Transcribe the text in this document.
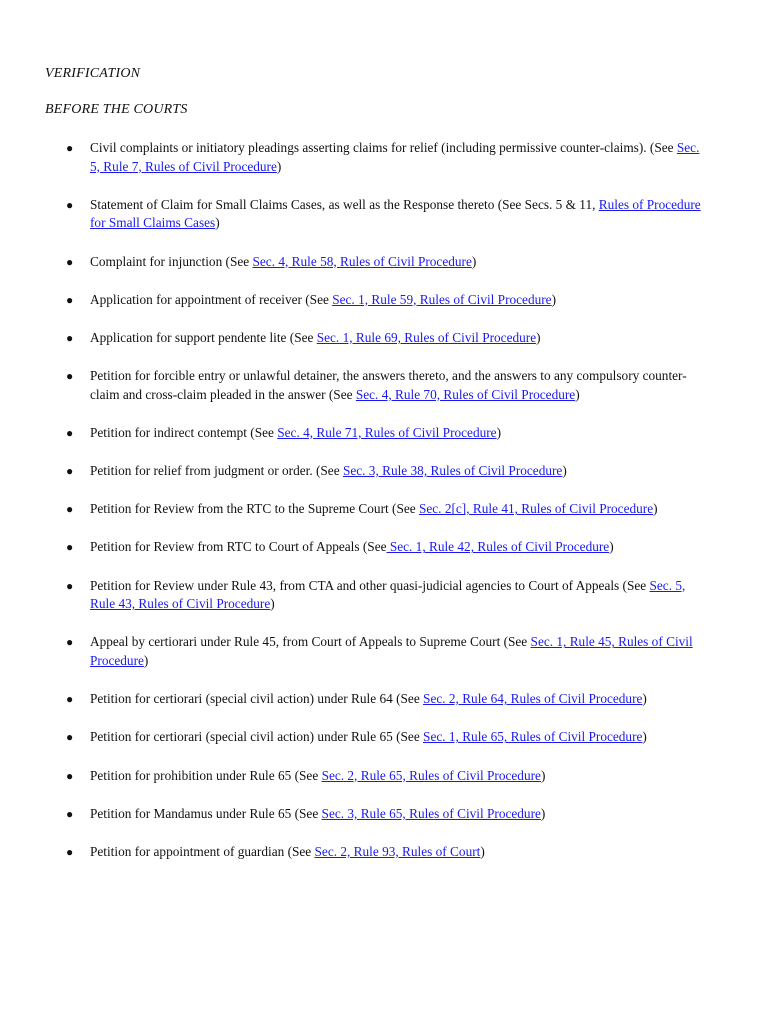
VERIFICATION
BEFORE THE COURTS
● Civil complaints or initiatory pleadings asserting claims for relief (including permissive counter-claims). (See Sec. 5, Rule 7, Rules of Civil Procedure)
● Statement of Claim for Small Claims Cases, as well as the Response thereto (See Secs. 5 & 11, Rules of Procedure for Small Claims Cases)
● Complaint for injunction (See Sec. 4, Rule 58, Rules of Civil Procedure)
● Application for appointment of receiver (See Sec. 1, Rule 59, Rules of Civil Procedure)
● Application for support pendente lite (See Sec. 1, Rule 69, Rules of Civil Procedure)
● Petition for forcible entry or unlawful detainer, the answers thereto, and the answers to any compulsory counter-claim and cross-claim pleaded in the answer (See Sec. 4, Rule 70, Rules of Civil Procedure)
● Petition for indirect contempt (See Sec. 4, Rule 71, Rules of Civil Procedure)
● Petition for relief from judgment or order. (See Sec. 3, Rule 38, Rules of Civil Procedure)
● Petition for Review from the RTC to the Supreme Court (See Sec. 2[c], Rule 41, Rules of Civil Procedure)
● Petition for Review from RTC to Court of Appeals (See Sec. 1, Rule 42, Rules of Civil Procedure)
● Petition for Review under Rule 43, from CTA and other quasi-judicial agencies to Court of Appeals (See Sec. 5, Rule 43, Rules of Civil Procedure)
● Appeal by certiorari under Rule 45, from Court of Appeals to Supreme Court (See Sec. 1, Rule 45, Rules of Civil Procedure)
● Petition for certiorari (special civil action) under Rule 64 (See Sec. 2, Rule 64, Rules of Civil Procedure)
● Petition for certiorari (special civil action) under Rule 65 (See Sec. 1, Rule 65, Rules of Civil Procedure)
● Petition for prohibition under Rule 65 (See Sec. 2, Rule 65, Rules of Civil Procedure)
● Petition for Mandamus under Rule 65 (See Sec. 3, Rule 65, Rules of Civil Procedure)
● Petition for appointment of guardian (See Sec. 2, Rule 93, Rules of Court)
